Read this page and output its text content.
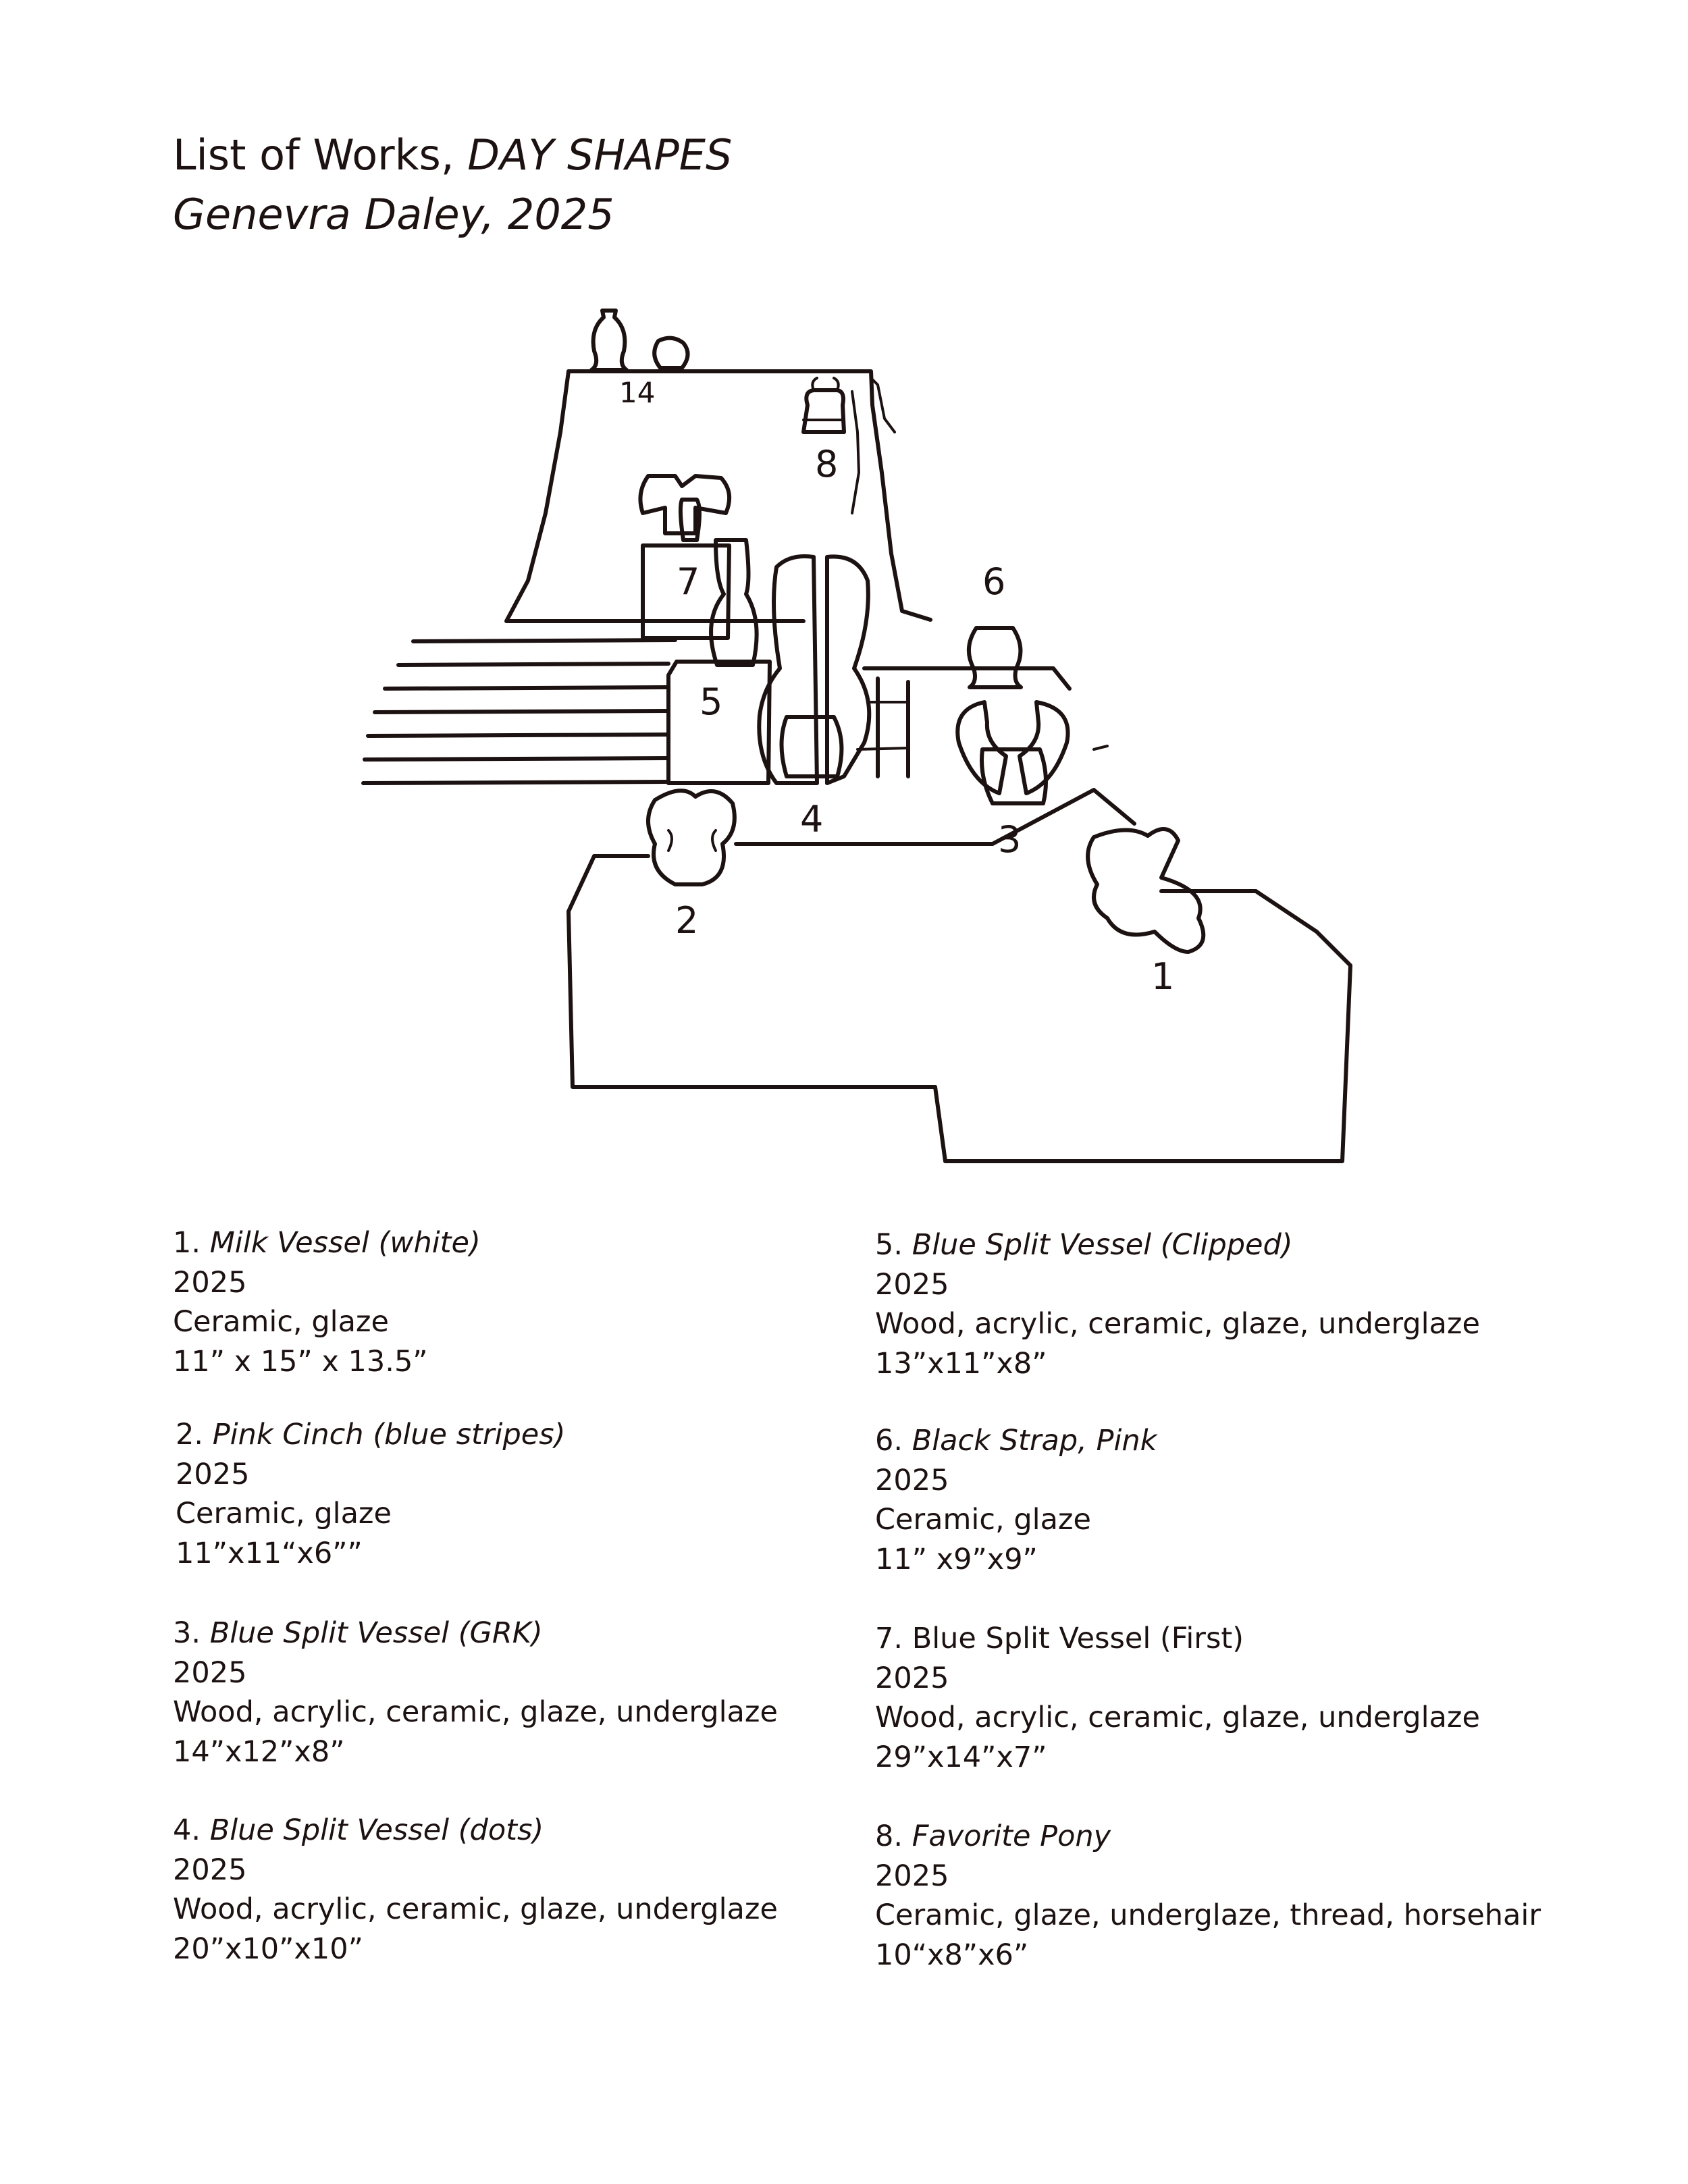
List of Works, DAY SHAPES
Genevra Daley, 2025
1
2
3
4
5
6
7
8
14
1. Milk Vessel (white)
2025
Ceramic, glaze
11” x 15” x 13.5”
2. Pink Cinch (blue stripes)
2025
Ceramic, glaze
11”x11“x6””
3. Blue Split Vessel (GRK)
2025
Wood, acrylic, ceramic, glaze, underglaze
14”x12”x8”
4. Blue Split Vessel (dots)
2025
Wood, acrylic, ceramic, glaze, underglaze
20”x10”x10”
5. Blue Split Vessel (Clipped)
2025
Wood, acrylic, ceramic, glaze, underglaze
13”x11”x8”
6. Black Strap, Pink
2025
Ceramic, glaze
11” x9”x9”
7. Blue Split Vessel (First)
2025
Wood, acrylic, ceramic, glaze, underglaze
29”x14”x7”
8. Favorite Pony
2025
Ceramic, glaze, underglaze, thread, horsehair
10“x8”x6”
